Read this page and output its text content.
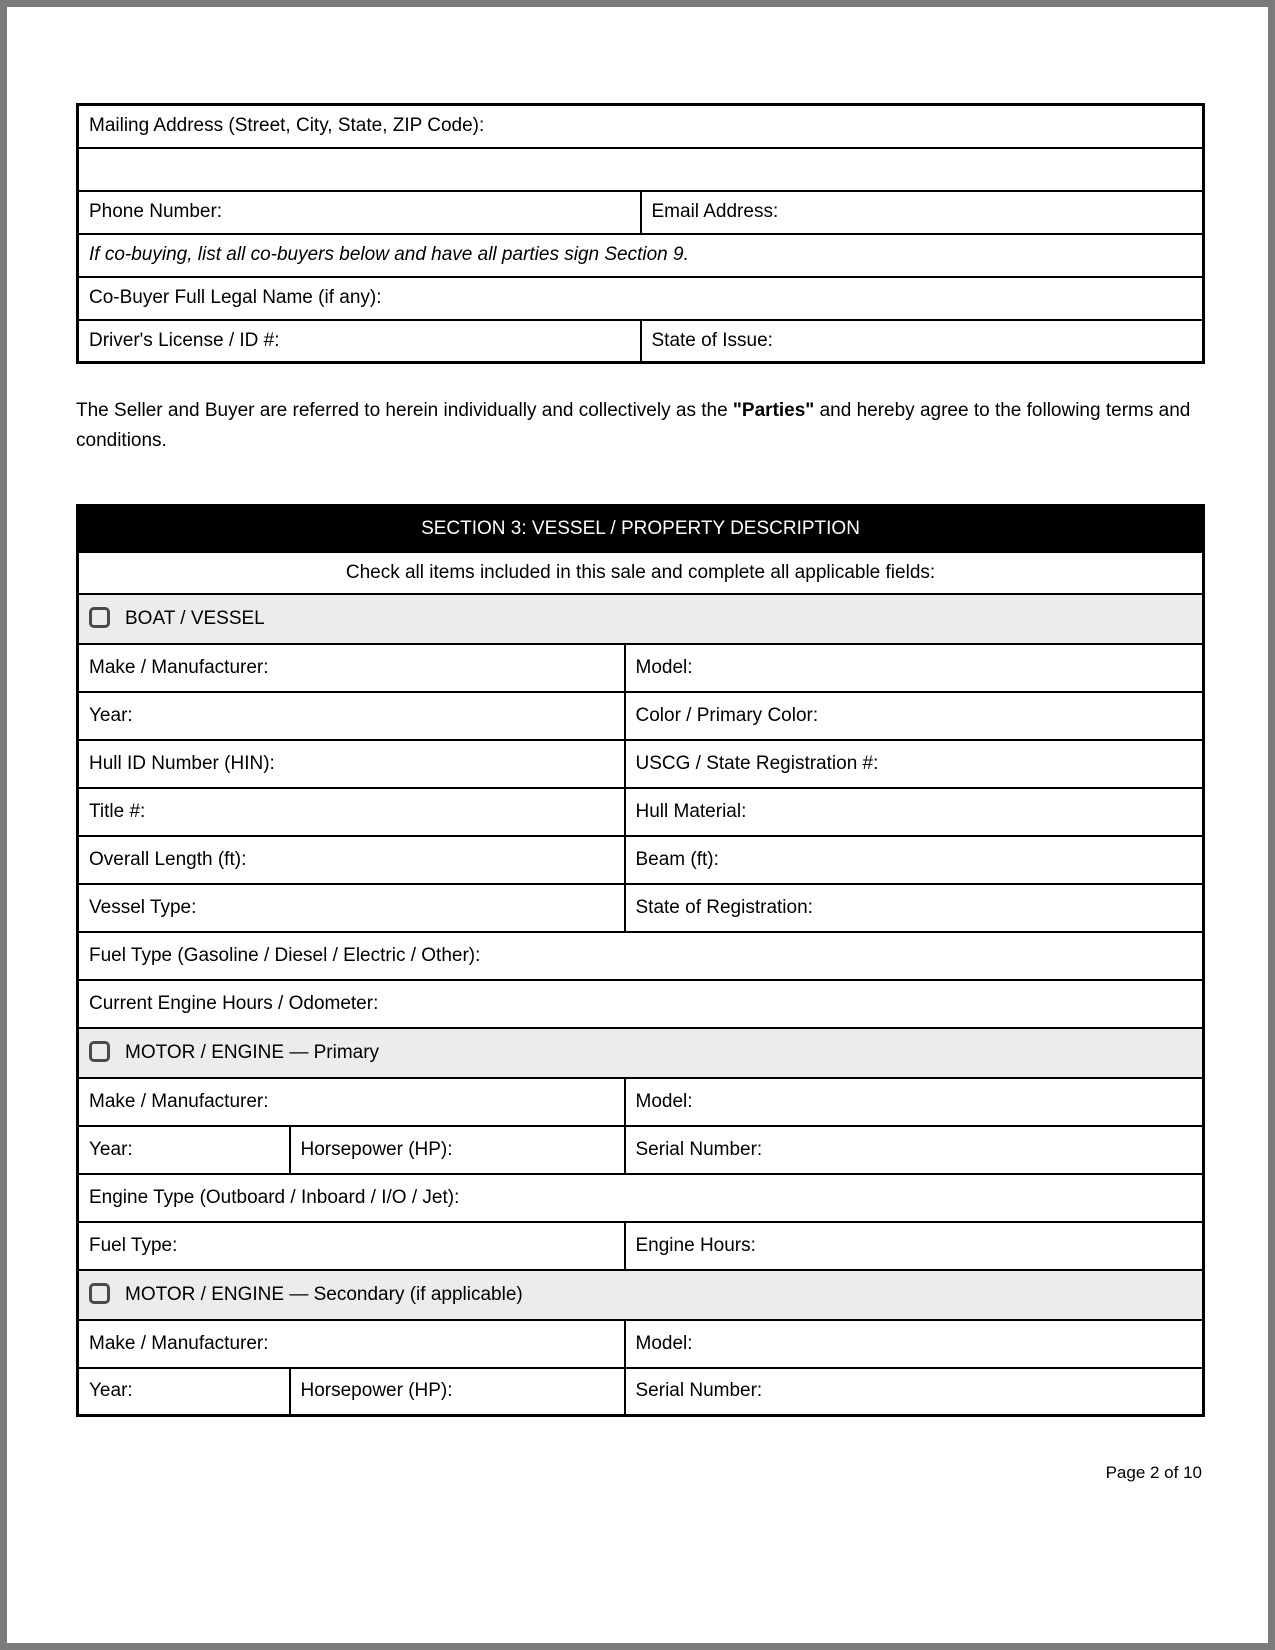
Mailing Address (Street, City, State, ZIP Code):	

Phone Number:	Email Address:
If co-buying, list all co-buyers below and have all parties sign Section 9.	
Co-Buyer Full Legal Name (if any):	
Driver's License / ID #:	State of Issue:

The Seller and Buyer are referred to herein individually and collectively as the "Parties" and hereby agree to the following terms and conditions.

SECTION 3: VESSEL / PROPERTY DESCRIPTION		
Check all items included in this sale and complete all applicable fields:		
BOAT / VESSEL		
Make / Manufacturer:		Model:
Year:		Color / Primary Color:
Hull ID Number (HIN):		USCG / State Registration #:
Title #:		Hull Material:
Overall Length (ft):		Beam (ft):
Vessel Type:		State of Registration:
Fuel Type (Gasoline / Diesel / Electric / Other):		
Current Engine Hours / Odometer:		
MOTOR / ENGINE — Primary		
Make / Manufacturer:		Model:
Year:	Horsepower (HP):	Serial Number:
Engine Type (Outboard / Inboard / I/O / Jet):		
Fuel Type:		Engine Hours:
MOTOR / ENGINE — Secondary (if applicable)		
Make / Manufacturer:		Model:
Year:	Horsepower (HP):	Serial Number:
Page 2 of 10
